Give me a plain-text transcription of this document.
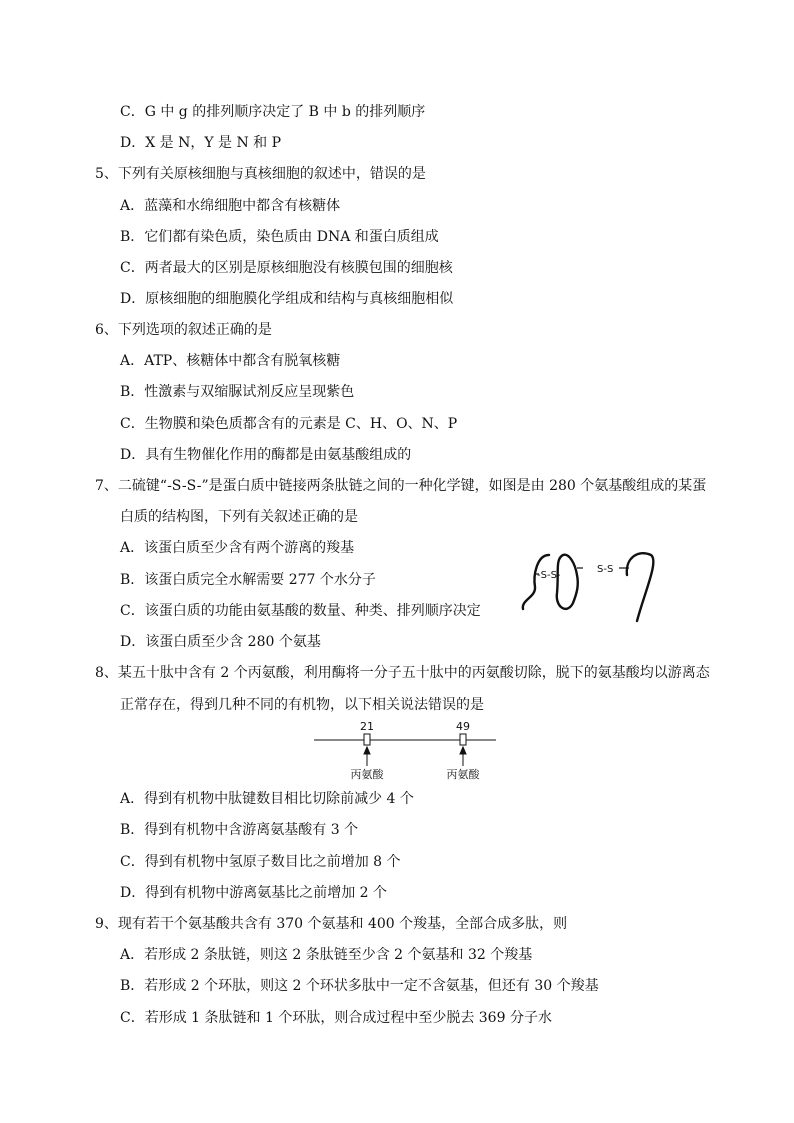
C．G 中 g 的排列顺序决定了 B 中 b 的排列顺序
D．X 是 N，Y 是 N 和 P
5、下列有关原核细胞与真核细胞的叙述中，错误的是
A．蓝藻和水绵细胞中都含有核糖体
B．它们都有染色质，染色质由 DNA 和蛋白质组成
C．两者最大的区别是原核细胞没有核膜包围的细胞核
D．原核细胞的细胞膜化学组成和结构与真核细胞相似
6、下列选项的叙述正确的是
A．ATP、核糖体中都含有脱氧核糖
B．性激素与双缩脲试剂反应呈现紫色
C．生物膜和染色质都含有的元素是 C、H、O、N、P
D．具有生物催化作用的酶都是由氨基酸组成的
7、二硫键“-S-S-”是蛋白质中链接两条肽链之间的一种化学键，如图是由 280 个氨基酸组成的某蛋
白质的结构图，下列有关叙述正确的是
A．该蛋白质至少含有两个游离的羧基
B．该蛋白质完全水解需要 277 个水分子
C．该蛋白质的功能由氨基酸的数量、种类、排列顺序决定
D．该蛋白质至少含 280 个氨基
-S-S-
S-S
8、某五十肽中含有 2 个丙氨酸，利用酶将一分子五十肽中的丙氨酸切除，脱下的氨基酸均以游离态
正常存在，得到几种不同的有机物，以下相关说法错误的是
21	49
丙氨酸	丙氨酸
A．得到有机物中肽键数目相比切除前减少 4 个
B．得到有机物中含游离氨基酸有 3 个
C．得到有机物中氢原子数目比之前增加 8 个
D．得到有机物中游离氨基比之前增加 2 个
9、现有若干个氨基酸共含有 370 个氨基和 400 个羧基，全部合成多肽，则
A．若形成 2 条肽链，则这 2 条肽链至少含 2 个氨基和 32 个羧基
B．若形成 2 个环肽，则这 2 个环状多肽中一定不含氨基，但还有 30 个羧基
C．若形成 1 条肽链和 1 个环肽，则合成过程中至少脱去 369 分子水
